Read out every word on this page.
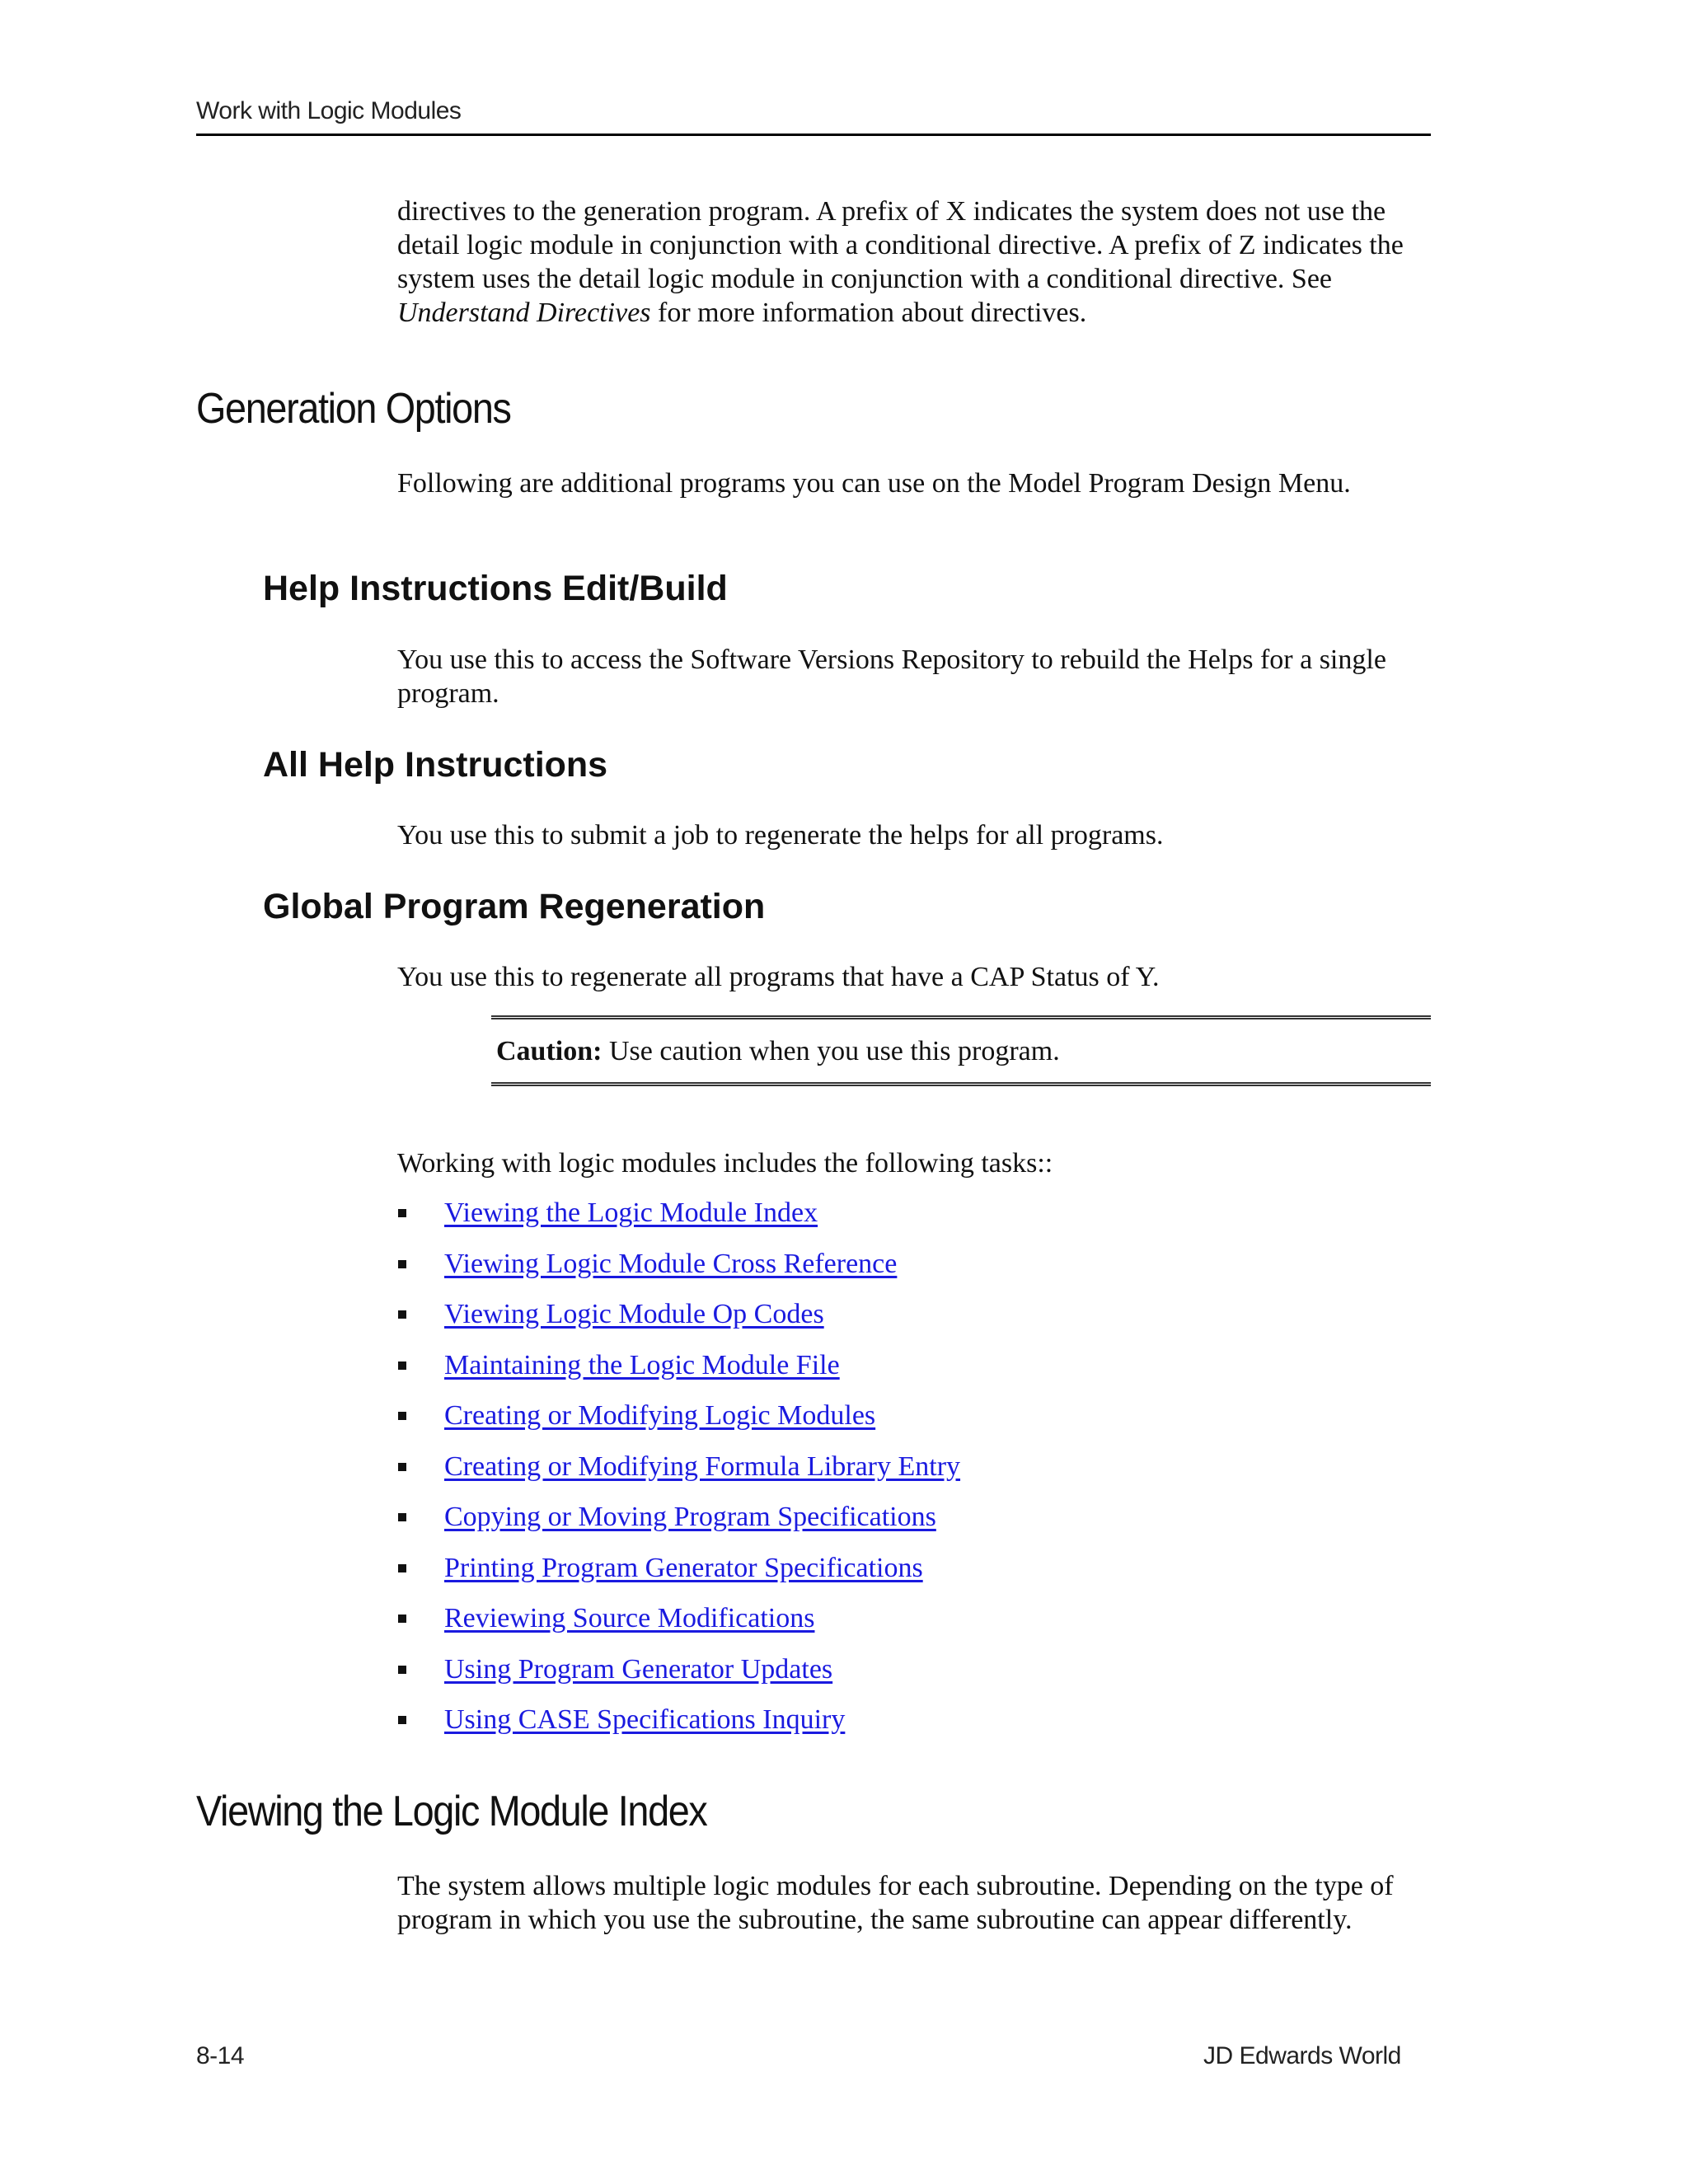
Work with Logic Modules

directives to the generation program. A prefix of X indicates the system does not use the detail logic module in conjunction with a conditional directive. A prefix of Z indicates the system uses the detail logic module in conjunction with a conditional directive. See Understand Directives for more information about directives.

Generation Options

Following are additional programs you can use on the Model Program Design Menu.

Help Instructions Edit/Build

You use this to access the Software Versions Repository to rebuild the Helps for a single program.

All Help Instructions

You use this to submit a job to regenerate the helps for all programs.

Global Program Regeneration

You use this to regenerate all programs that have a CAP Status of Y.

Caution: Use caution when you use this program.

Working with logic modules includes the following tasks::

Viewing the Logic Module Index
Viewing Logic Module Cross Reference
Viewing Logic Module Op Codes
Maintaining the Logic Module File
Creating or Modifying Logic Modules
Creating or Modifying Formula Library Entry
Copying or Moving Program Specifications
Printing Program Generator Specifications
Reviewing Source Modifications
Using Program Generator Updates
Using CASE Specifications Inquiry
Viewing the Logic Module Index

The system allows multiple logic modules for each subroutine. Depending on the type of program in which you use the subroutine, the same subroutine can appear differently.

8-14	JD Edwards World
